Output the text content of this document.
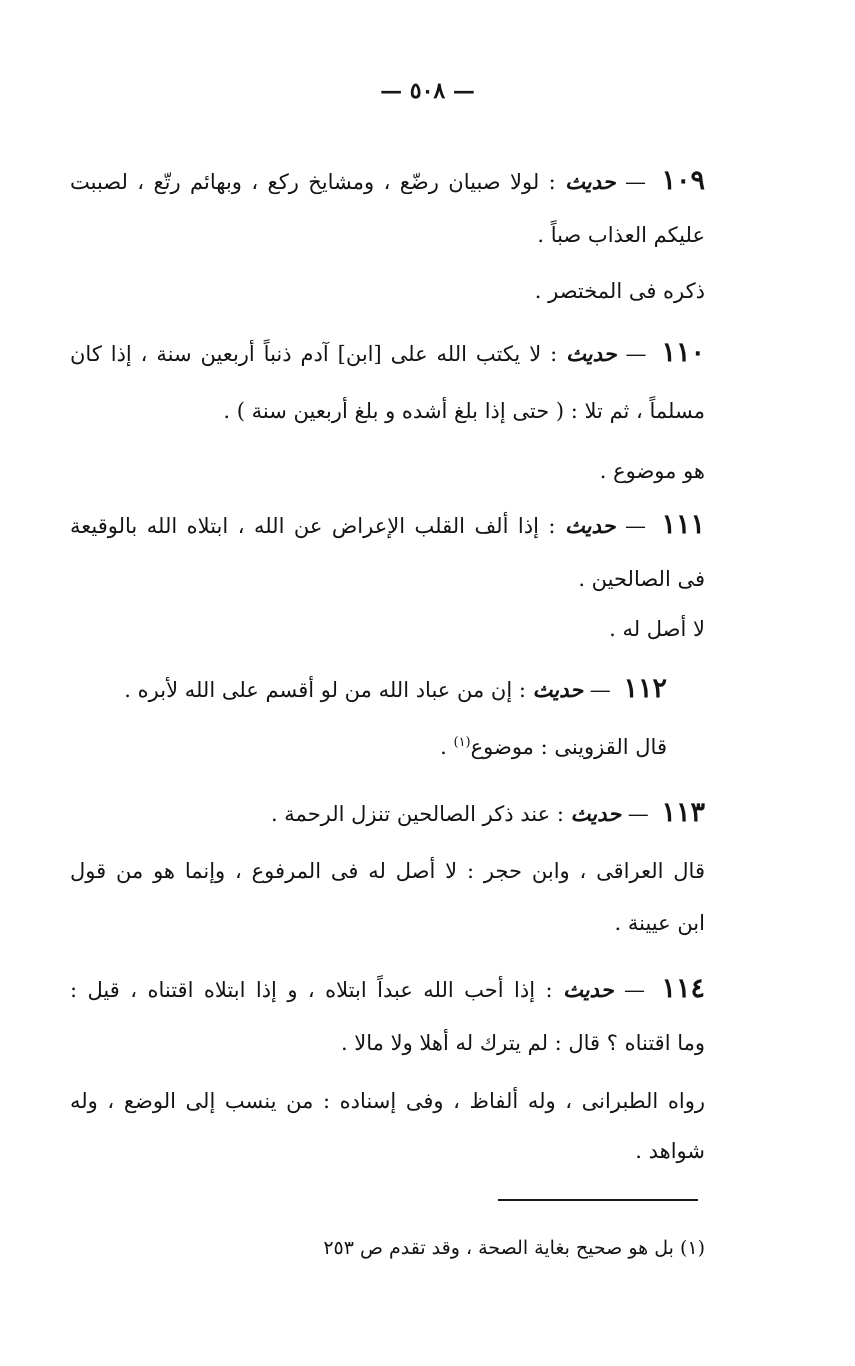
— ٥٠٨ —
١٠٩ — حديث : لولا صبيان رضّع ، ومشايخ ركع ، وبهائم رتّع ، لصببت
عليكم العذاب صباً .
ذكره فى المختصر .
١١٠ — حديث : لا يكتب الله على [ابن] آدم ذنباً أربعين سنة ، إذا كان
مسلماً ، ثم تلا : ( حتى إذا بلغ أشده و بلغ أربعين سنة ) .
هو موضوع .
١١١ — حديث : إذا ألف القلب الإعراض عن الله ، ابتلاه الله بالوقيعة
فى الصالحين .
لا أصل له .
١١٢ — حديث : إن من عباد الله من لو أقسم على الله لأبره .
قال القزوينى : موضوع$^{(١)}$ .
١١٣ — حديث : عند ذكر الصالحين تنزل الرحمة .
قال العراقى ، وابن حجر : لا أصل له فى المرفوع ، وإنما هو من قول
ابن عيينة .
١١٤ — حديث : إذا أحب الله عبداً ابتلاه ، و إذا ابتلاه اقتناه ، قيل :
وما اقتناه ؟ قال : لم يترك له أهلا ولا مالا .
رواه الطبرانى ، وله ألفاظ ، وفى إسناده : من ينسب إلى الوضع ، وله
شواهد .
(١) بل هو صحيح بغاية الصحة ، وقد تقدم ص ٢٥٣
